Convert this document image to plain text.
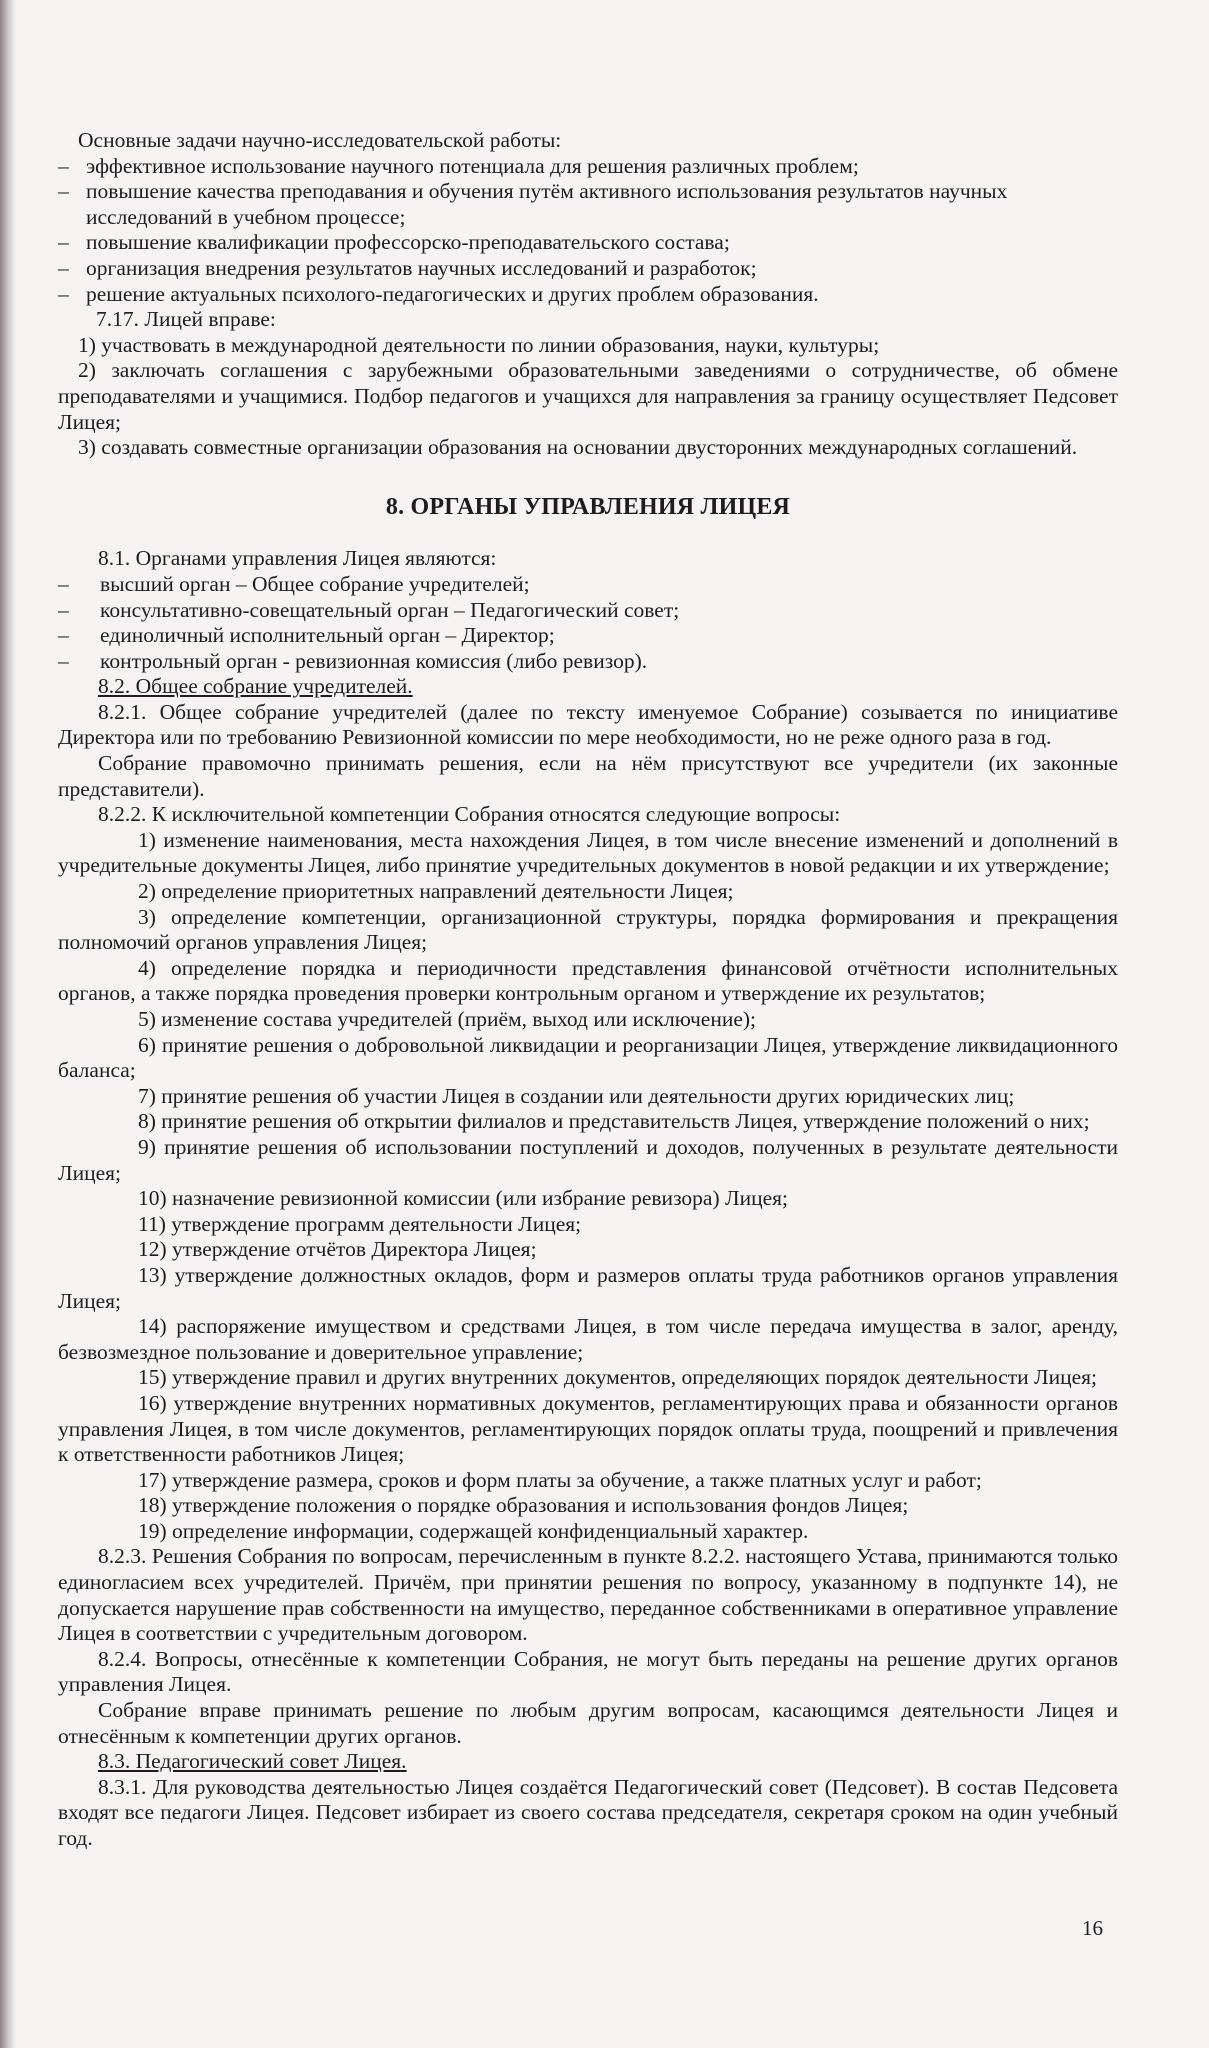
Основные задачи научно-исследовательской работы:

– эффективное использование научного потенциала для решения различных проблем;

– повышение качества преподавания и обучения путём активного использования результатов научных исследований в учебном процессе;

– повышение квалификации профессорско-преподавательского состава;

– организация внедрения результатов научных исследований и разработок;

– решение актуальных психолого-педагогических и других проблем образования.

7.17. Лицей вправе:

1) участвовать в международной деятельности по линии образования, науки, культуры;

2) заключать соглашения с зарубежными образовательными заведениями о сотрудничестве, об обмене преподавателями и учащимися. Подбор педагогов и учащихся для направления за границу осуществляет Педсовет Лицея;

3) создавать совместные организации образования на основании двусторонних международных соглашений.

8. ОРГАНЫ УПРАВЛЕНИЯ ЛИЦЕЯ

8.1. Органами управления Лицея являются:

– высший орган – Общее собрание учредителей;

– консультативно-совещательный орган – Педагогический совет;

– единоличный исполнительный орган – Директор;

– контрольный орган - ревизионная комиссия (либо ревизор).

8.2. Общее собрание учредителей.

8.2.1. Общее собрание учредителей (далее по тексту именуемое Собрание) созывается по инициативе Директора или по требованию Ревизионной комиссии по мере необходимости, но не реже одного раза в год.

Собрание правомочно принимать решения, если на нём присутствуют все учредители (их законные представители).

8.2.2. К исключительной компетенции Собрания относятся следующие вопросы:

1) изменение наименования, места нахождения Лицея, в том числе внесение изменений и дополнений в учредительные документы Лицея, либо принятие учредительных документов в новой редакции и их утверждение;

2) определение приоритетных направлений деятельности Лицея;

3) определение компетенции, организационной структуры, порядка формирования и прекращения полномочий органов управления Лицея;

4) определение порядка и периодичности представления финансовой отчётности исполнительных органов, а также порядка проведения проверки контрольным органом и утверждение их результатов;

5) изменение состава учредителей (приём, выход или исключение);

6) принятие решения о добровольной ликвидации и реорганизации Лицея, утверждение ликвидационного баланса;

7) принятие решения об участии Лицея в создании или деятельности других юридических лиц;

8) принятие решения об открытии филиалов и представительств Лицея, утверждение положений о них;

9) принятие решения об использовании поступлений и доходов, полученных в результате деятельности Лицея;

10) назначение ревизионной комиссии (или избрание ревизора) Лицея;

11) утверждение программ деятельности Лицея;

12) утверждение отчётов Директора Лицея;

13) утверждение должностных окладов, форм и размеров оплаты труда работников органов управления Лицея;

14) распоряжение имуществом и средствами Лицея, в том числе передача имущества в залог, аренду, безвозмездное пользование и доверительное управление;

15) утверждение правил и других внутренних документов, определяющих порядок деятельности Лицея;

16) утверждение внутренних нормативных документов, регламентирующих права и обязанности органов управления Лицея, в том числе документов, регламентирующих порядок оплаты труда, поощрений и привлечения к ответственности работников Лицея;

17) утверждение размера, сроков и форм платы за обучение, а также платных услуг и работ;

18) утверждение положения о порядке образования и использования фондов Лицея;

19) определение информации, содержащей конфиденциальный характер.

8.2.3. Решения Собрания по вопросам, перечисленным в пункте 8.2.2. настоящего Устава, принимаются только единогласием всех учредителей. Причём, при принятии решения по вопросу, указанному в подпункте 14), не допускается нарушение прав собственности на имущество, переданное собственниками в оперативное управление Лицея в соответствии с учредительным договором.

8.2.4. Вопросы, отнесённые к компетенции Собрания, не могут быть переданы на решение других органов управления Лицея.

Собрание вправе принимать решение по любым другим вопросам, касающимся деятельности Лицея и отнесённым к компетенции других органов.

8.3. Педагогический совет Лицея.

8.3.1. Для руководства деятельностью Лицея создаётся Педагогический совет (Педсовет). В состав Педсовета входят все педагоги Лицея. Педсовет избирает из своего состава председателя, секретаря сроком на один учебный год.

16
